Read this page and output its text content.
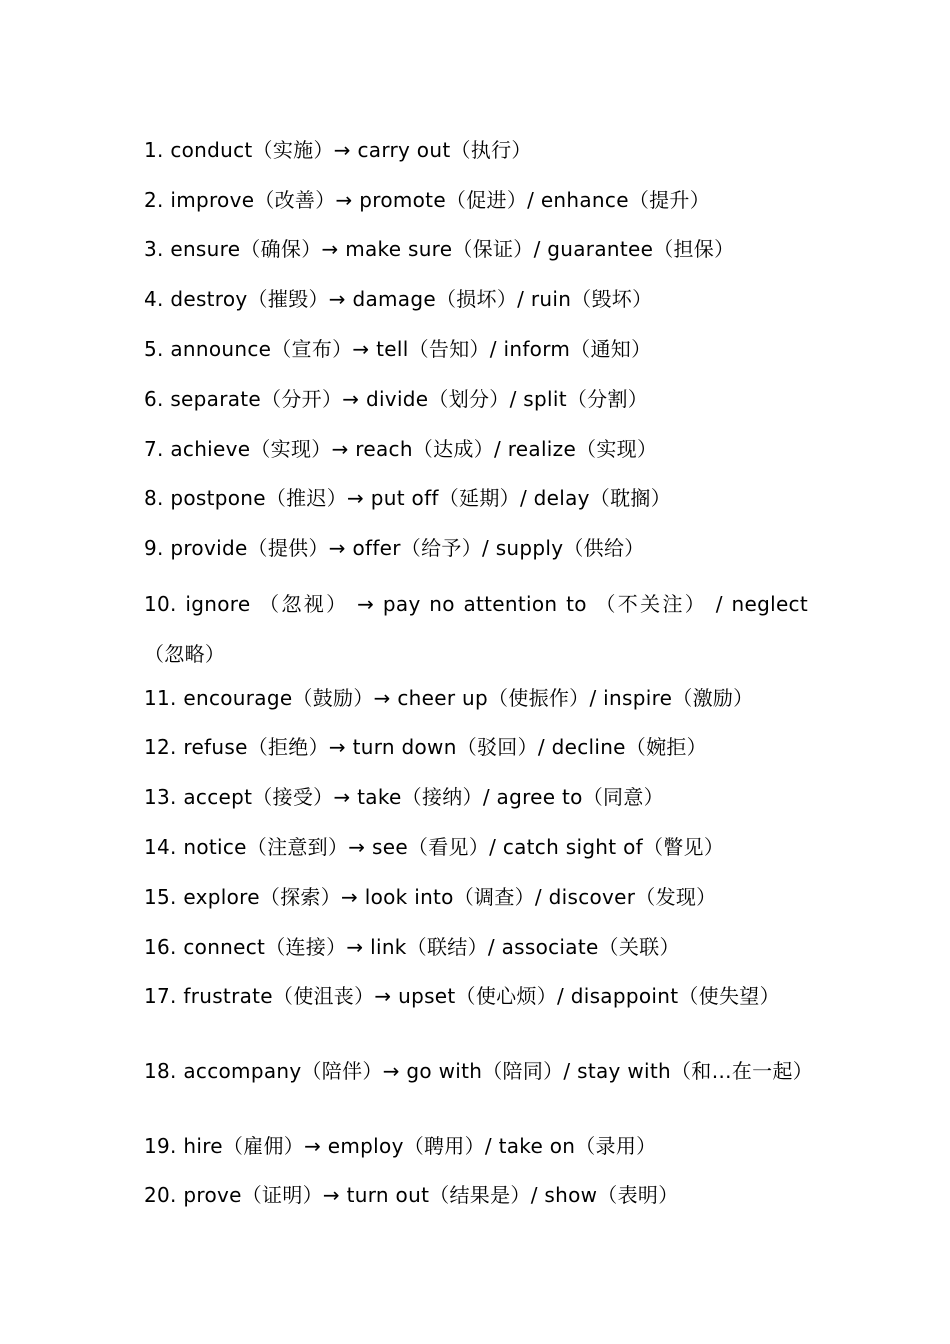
1. conduct（实施）→ carry out（执行）
2. improve（改善）→ promote（促进）/ enhance（提升）
3. ensure（确保）→ make sure（保证）/ guarantee（担保）
4. destroy（摧毁）→ damage（损坏）/ ruin（毁坏）
5. announce（宣布）→ tell（告知）/ inform（通知）
6. separate（分开）→ divide（划分）/ split（分割）
7. achieve（实现）→ reach（达成）/ realize（实现）
8. postpone（推迟）→ put off（延期）/ delay（耽搁）
9. provide（提供）→ offer（给予）/ supply（供给）
10. ignore （忽视） → pay no attention to （不关注） / neglect（忽略）
11. encourage（鼓励）→ cheer up（使振作）/ inspire（激励）
12. refuse（拒绝）→ turn down（驳回）/ decline（婉拒）
13. accept（接受）→ take（接纳）/ agree to（同意）
14. notice（注意到）→ see（看见）/ catch sight of（瞥见）
15. explore（探索）→ look into（调查）/ discover（发现）
16. connect（连接）→ link（联结）/ associate（关联）
17. frustrate（使沮丧）→ upset（使心烦）/ disappoint（使失望）
18. accompany（陪伴）→ go with（陪同）/ stay with（和…在一起）
19. hire（雇佣）→ employ（聘用）/ take on（录用）
20. prove（证明）→ turn out（结果是）/ show（表明）
